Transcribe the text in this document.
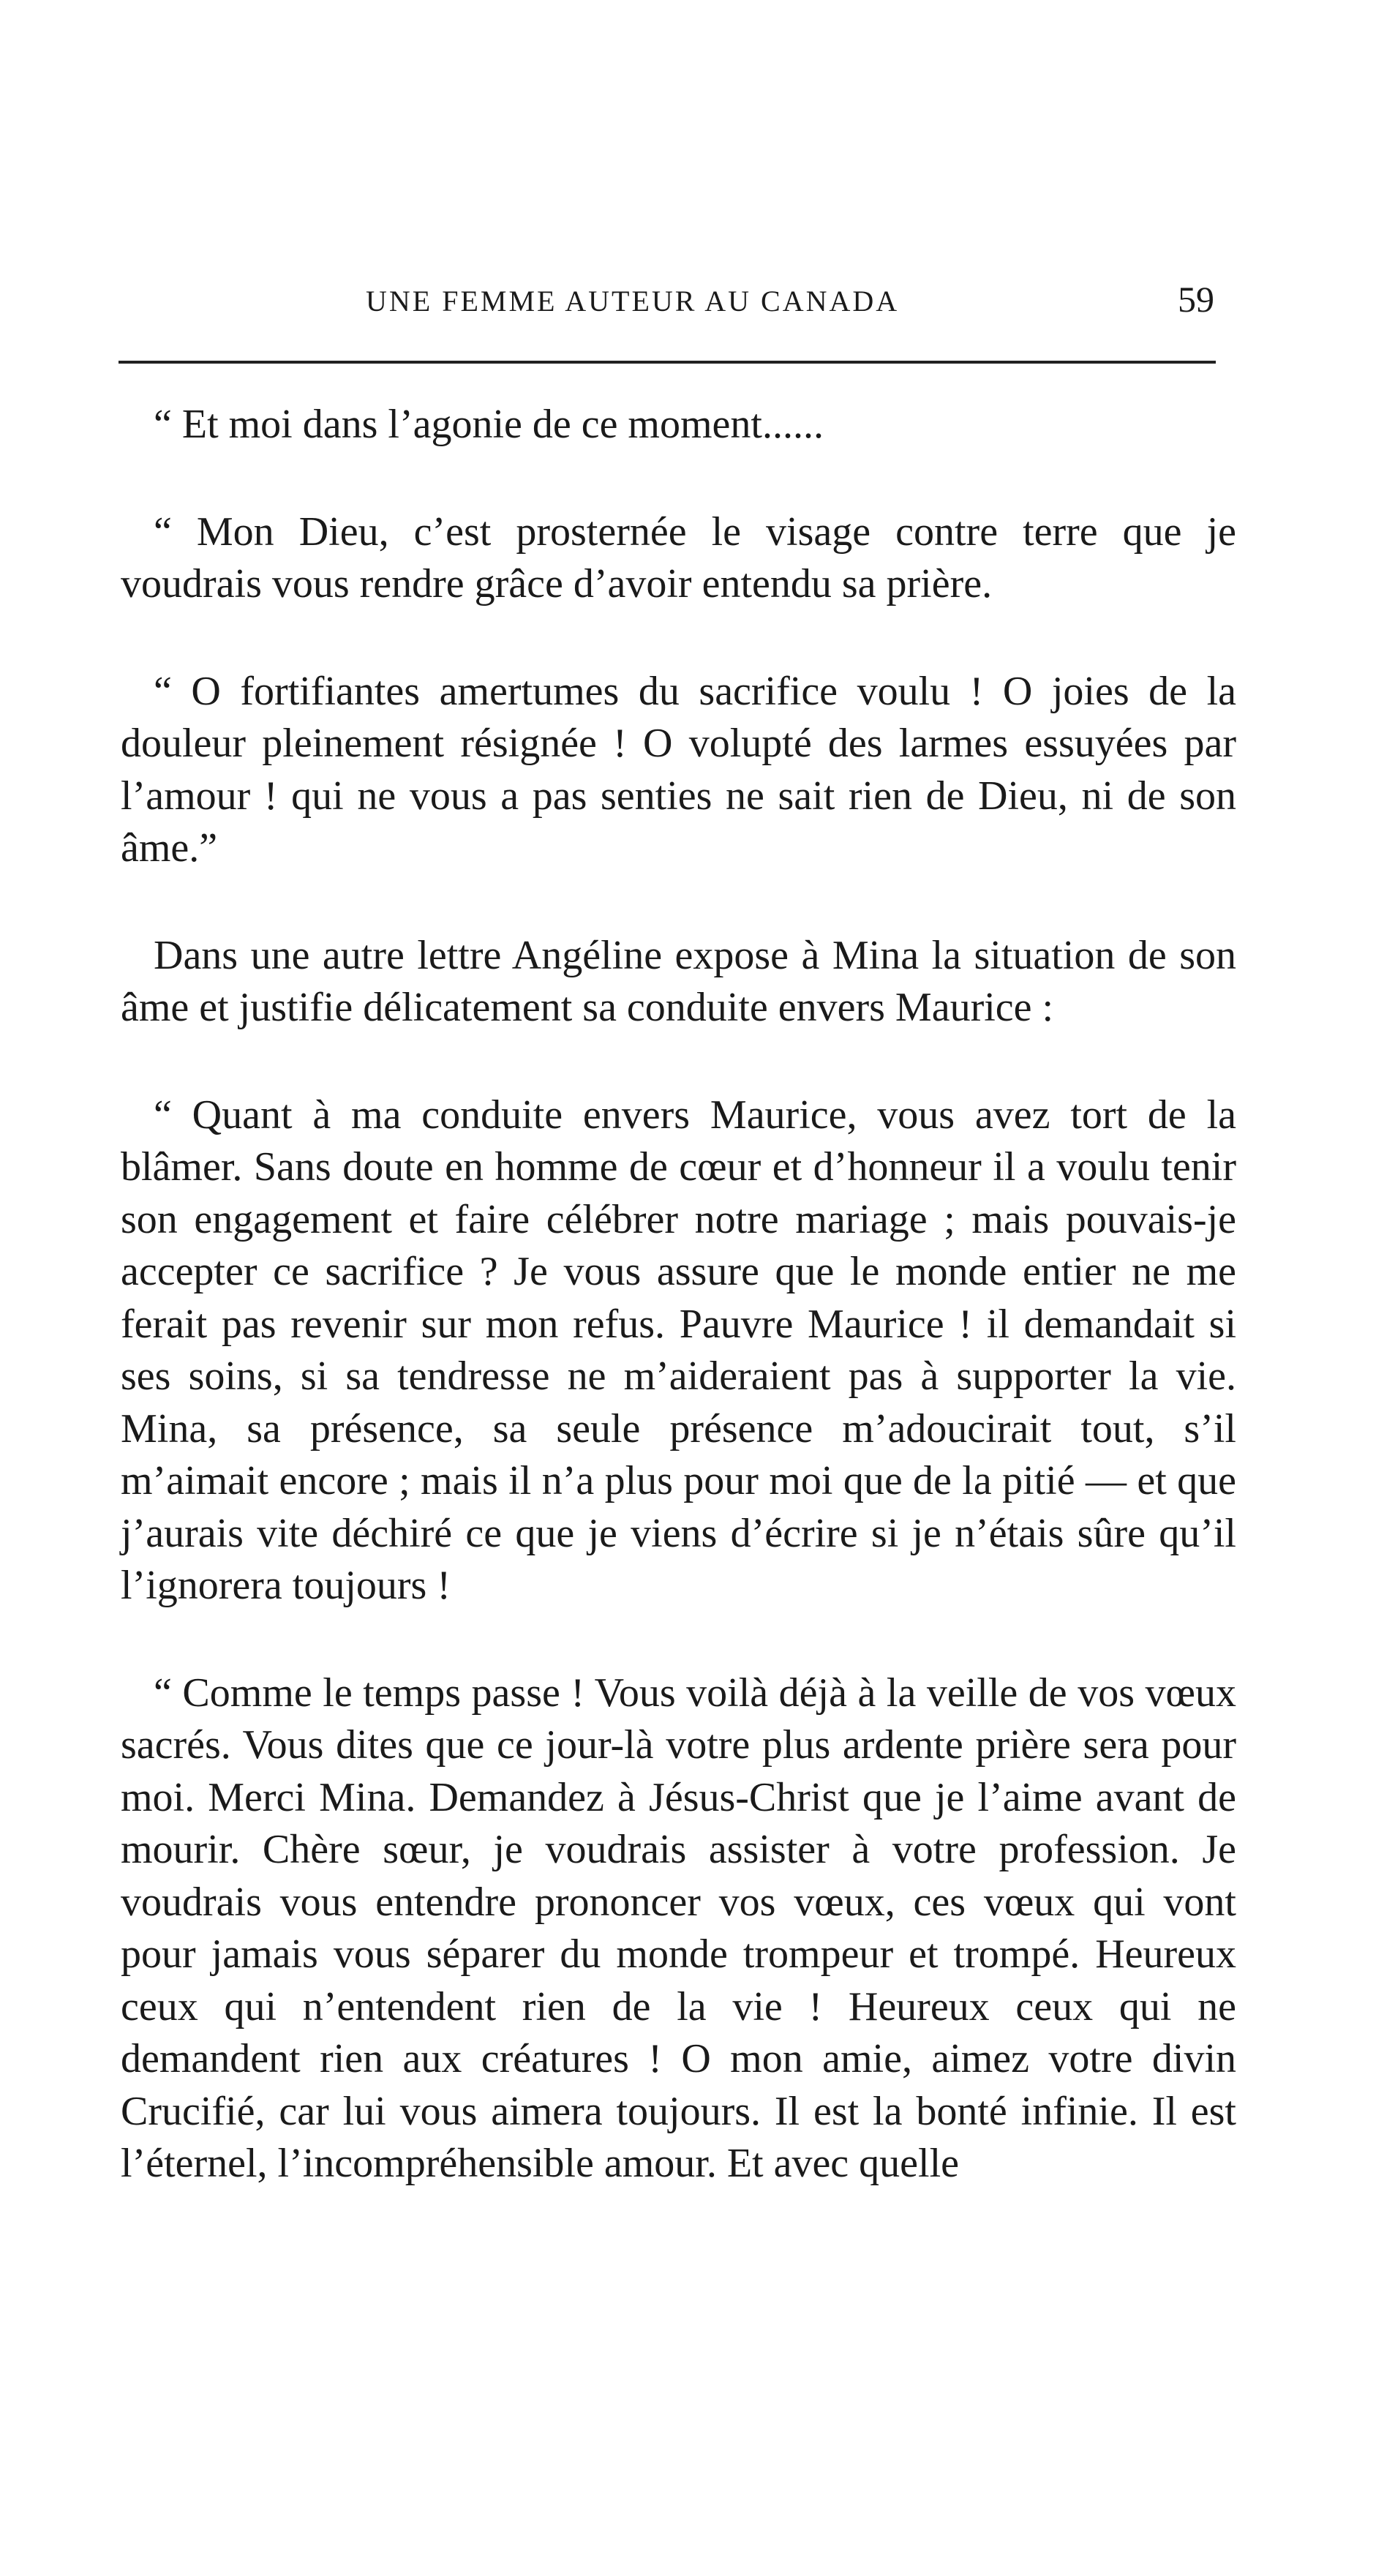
UNE FEMME AUTEUR AU CANADA	59

“ Et moi dans l’agonie de ce moment......

“ Mon Dieu, c’est prosternée le visage contre terre que je voudrais vous rendre grâce d’avoir entendu sa prière.

“ O fortifiantes amertumes du sacrifice voulu ! O joies de la douleur pleinement résignée ! O volupté des larmes essuyées par l’amour ! qui ne vous a pas senties ne sait rien de Dieu, ni de son âme.”

Dans une autre lettre Angéline expose à Mina la situation de son âme et justifie délicatement sa conduite envers Maurice :

“ Quant à ma conduite envers Maurice, vous avez tort de la blâmer. Sans doute en homme de cœur et d’honneur il a voulu tenir son engagement et faire célébrer notre mariage ; mais pouvais-je accepter ce sacrifice ? Je vous assure que le monde entier ne me ferait pas revenir sur mon refus. Pauvre Maurice ! il demandait si ses soins, si sa tendresse ne m’aideraient pas à supporter la vie. Mina, sa présence, sa seule présence m’adoucirait tout, s’il m’aimait encore ; mais il n’a plus pour moi que de la pitié — et que j’aurais vite déchiré ce que je viens d’écrire si je n’étais sûre qu’il l’ignorera toujours !

“ Comme le temps passe ! Vous voilà déjà à la veille de vos vœux sacrés. Vous dites que ce jour-là votre plus ardente prière sera pour moi. Merci Mina. Demandez à Jésus-Christ que je l’aime avant de mourir. Chère sœur, je voudrais assister à votre profession. Je voudrais vous entendre prononcer vos vœux, ces vœux qui vont pour jamais vous séparer du monde trompeur et trompé. Heureux ceux qui n’entendent rien de la vie ! Heureux ceux qui ne demandent rien aux créatures ! O mon amie, aimez votre divin Crucifié, car lui vous aimera toujours. Il est la bonté infinie. Il est l’éternel, l’incompréhensible amour. Et avec quelle
